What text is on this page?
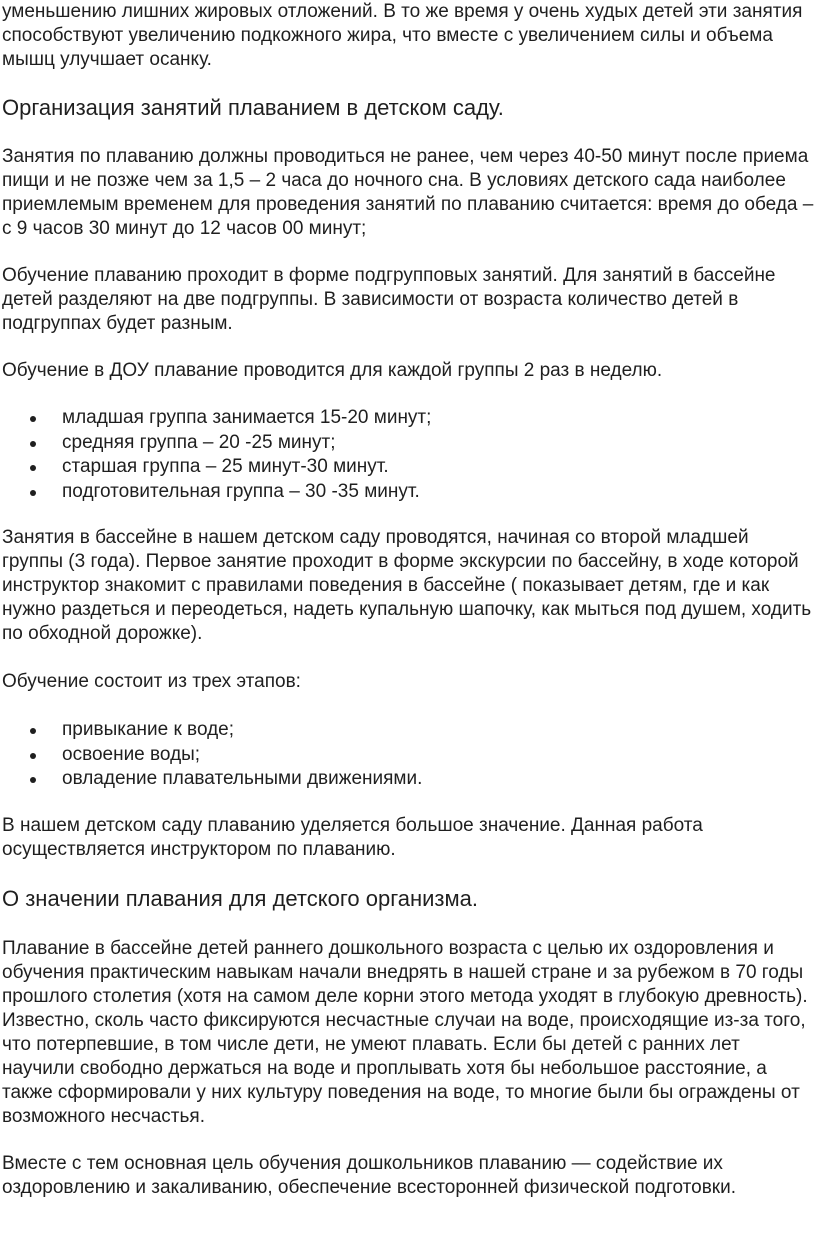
уменьшению лишних жировых отложений. В то же время у очень худых детей эти занятия способствуют увеличению подкожного жира, что вместе с увеличением силы и объема мышц улучшает осанку.

Организация занятий плаванием в детском саду.

Занятия по плаванию должны проводиться не ранее, чем через 40-50 минут после приема пищи и не позже чем за 1,5 – 2 часа до ночного сна. В условиях детского сада наиболее приемлемым временем для проведения занятий по плаванию считается: время до обеда – с 9 часов 30 минут до 12 часов 00 минут;

Обучение плаванию проходит в форме подгрупповых занятий. Для занятий в бассейне детей разделяют на две подгруппы. В зависимости от возраста количество детей в подгруппах будет разным.

Обучение в ДОУ плавание проводится для каждой группы 2 раз в неделю.

младшая группа занимается 15-20 минут;
средняя группа – 20 -25 минут;
старшая группа – 25 минут-30 минут.
подготовительная группа – 30 -35 минут.

Занятия в бассейне в нашем детском саду проводятся, начиная со второй младшей группы (3 года). Первое занятие проходит в форме экскурсии по бассейну, в ходе которой инструктор знакомит с правилами поведения в бассейне ( показывает детям, где и как нужно раздеться и переодеться, надеть купальную шапочку, как мыться под душем, ходить по обходной дорожке).

Обучение состоит из трех этапов:

привыкание к воде;
освоение воды;
овладение плавательными движениями.

В нашем детском саду плаванию уделяется большое значение. Данная работа осуществляется инструктором по плаванию.

О значении плавания для детского организма.

Плавание в бассейне детей раннего дошкольного возраста с целью их оздоровления и обучения практическим навыкам начали внедрять в нашей стране и за рубежом в 70 годы прошлого столетия (хотя на самом деле корни этого метода уходят в глубокую древность). Известно, сколь часто фиксируются несчастные случаи на воде, происходящие из-за того, что потерпевшие, в том числе дети, не умеют плавать. Если бы детей с ранних лет научили свободно держаться на воде и проплывать хотя бы небольшое расстояние, а также сформировали у них культуру поведения на воде, то многие были бы ограждены от возможного несчастья.

Вместе с тем основная цель обучения дошкольников плаванию — содействие их оздоровлению и закаливанию, обеспечение всесторонней физической подготовки.
